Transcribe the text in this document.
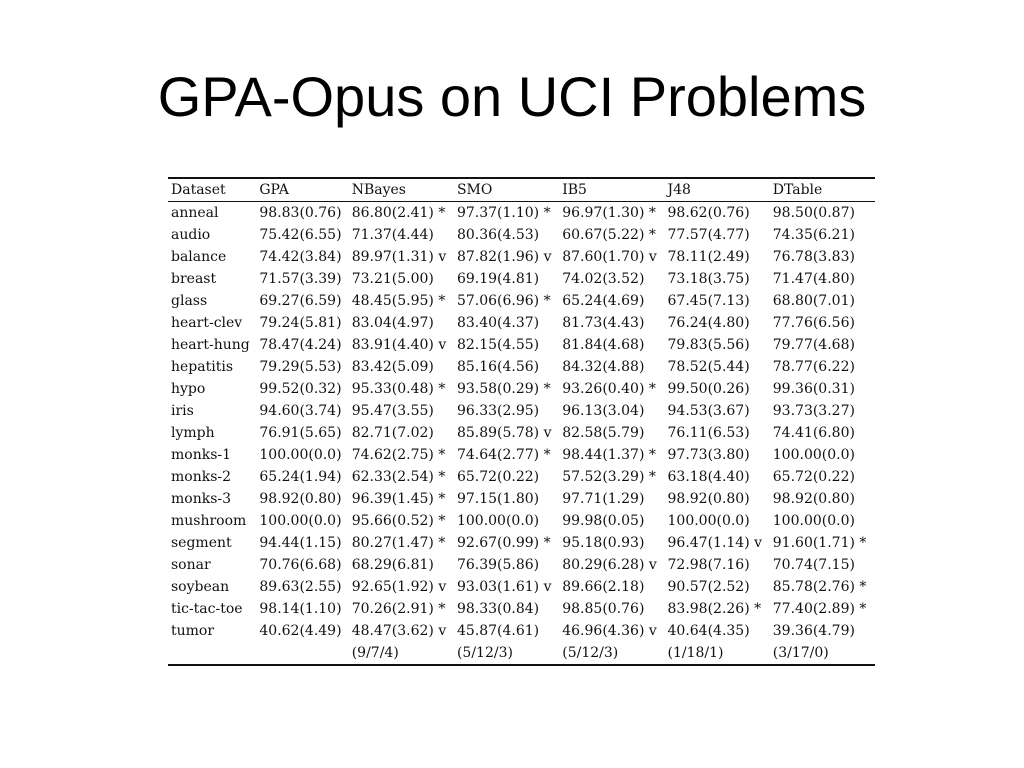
GPA-Opus on UCI Problems
Dataset	GPA	NBayes	SMO	IB5	J48	DTable
anneal	98.83(0.76)	86.80(2.41) *	97.37(1.10) *	96.97(1.30) *	98.62(0.76)	98.50(0.87)
audio	75.42(6.55)	71.37(4.44)	80.36(4.53)	60.67(5.22) *	77.57(4.77)	74.35(6.21)
balance	74.42(3.84)	89.97(1.31) v	87.82(1.96) v	87.60(1.70) v	78.11(2.49)	76.78(3.83)
breast	71.57(3.39)	73.21(5.00)	69.19(4.81)	74.02(3.52)	73.18(3.75)	71.47(4.80)
glass	69.27(6.59)	48.45(5.95) *	57.06(6.96) *	65.24(4.69)	67.45(7.13)	68.80(7.01)
heart-clev	79.24(5.81)	83.04(4.97)	83.40(4.37)	81.73(4.43)	76.24(4.80)	77.76(6.56)
heart-hung	78.47(4.24)	83.91(4.40) v	82.15(4.55)	81.84(4.68)	79.83(5.56)	79.77(4.68)
hepatitis	79.29(5.53)	83.42(5.09)	85.16(4.56)	84.32(4.88)	78.52(5.44)	78.77(6.22)
hypo	99.52(0.32)	95.33(0.48) *	93.58(0.29) *	93.26(0.40) *	99.50(0.26)	99.36(0.31)
iris	94.60(3.74)	95.47(3.55)	96.33(2.95)	96.13(3.04)	94.53(3.67)	93.73(3.27)
lymph	76.91(5.65)	82.71(7.02)	85.89(5.78) v	82.58(5.79)	76.11(6.53)	74.41(6.80)
monks-1	100.00(0.0)	74.62(2.75) *	74.64(2.77) *	98.44(1.37) *	97.73(3.80)	100.00(0.0)
monks-2	65.24(1.94)	62.33(2.54) *	65.72(0.22)	57.52(3.29) *	63.18(4.40)	65.72(0.22)
monks-3	98.92(0.80)	96.39(1.45) *	97.15(1.80)	97.71(1.29)	98.92(0.80)	98.92(0.80)
mushroom	100.00(0.0)	95.66(0.52) *	100.00(0.0)	99.98(0.05)	100.00(0.0)	100.00(0.0)
segment	94.44(1.15)	80.27(1.47) *	92.67(0.99) *	95.18(0.93)	96.47(1.14) v	91.60(1.71) *
sonar	70.76(6.68)	68.29(6.81)	76.39(5.86)	80.29(6.28) v	72.98(7.16)	70.74(7.15)
soybean	89.63(2.55)	92.65(1.92) v	93.03(1.61) v	89.66(2.18)	90.57(2.52)	85.78(2.76) *
tic-tac-toe	98.14(1.10)	70.26(2.91) *	98.33(0.84)	98.85(0.76)	83.98(2.26) *	77.40(2.89) *
tumor	40.62(4.49)	48.47(3.62) v	45.87(4.61)	46.96(4.36) v	40.64(4.35)	39.36(4.79)
		(9/7/4)	(5/12/3)	(5/12/3)	(1/18/1)	(3/17/0)
